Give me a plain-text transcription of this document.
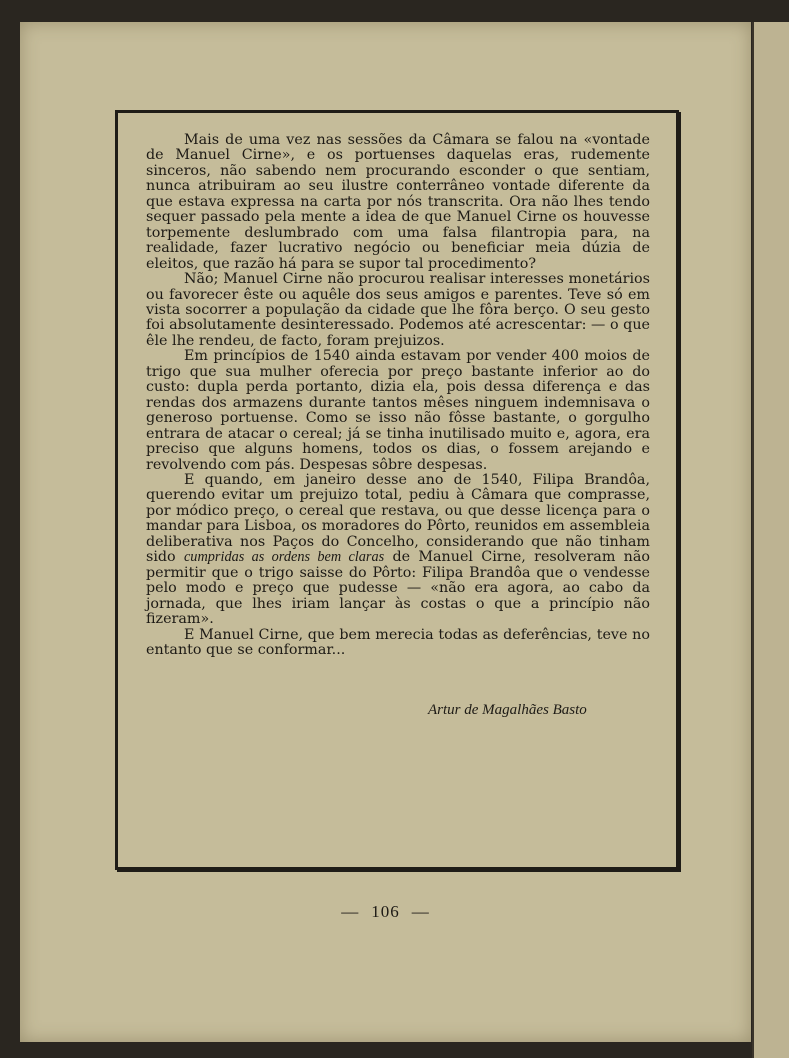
Mais de uma vez nas sessões da Câmara se falou na «vontade de Manuel Cirne», e os portuenses daquelas eras, rudemente sinceros, não sabendo nem procurando esconder o que sentiam, nunca atribuiram ao seu ilustre conterrâneo vontade diferente da que estava expressa na carta por nós transcrita. Ora não lhes tendo sequer passado pela mente a idea de que Manuel Cirne os houvesse torpemente deslumbrado com uma falsa filantropia para, na realidade, fazer lucrativo negócio ou beneficiar meia dúzia de eleitos, que razão há para se supor tal procedimento?

Não; Manuel Cirne não procurou realisar interesses monetários ou favorecer êste ou aquêle dos seus amigos e parentes. Teve só em vista socorrer a população da cidade que lhe fôra berço. O seu gesto foi absolutamente desinteressado. Podemos até acrescentar: — o que êle lhe rendeu, de facto, foram prejuizos.

Em princípios de 1540 ainda estavam por vender 400 moios de trigo que sua mulher oferecia por preço bastante inferior ao do custo: dupla perda portanto, dizia ela, pois dessa diferença e das rendas dos armazens durante tantos mêses ninguem indemnisava o generoso portuense. Como se isso não fôsse bastante, o gorgulho entrara de atacar o cereal; já se tinha inutilisado muito e, agora, era preciso que alguns homens, todos os dias, o fossem arejando e revolvendo com pás. Despesas sôbre despesas.

E quando, em janeiro desse ano de 1540, Filipa Brandôa, querendo evitar um prejuizo total, pediu à Câmara que comprasse, por módico preço, o cereal que restava, ou que desse licença para o mandar para Lisboa, os moradores do Pôrto, reunidos em assembleia deliberativa nos Paços do Concelho, considerando que não tinham sido cumpridas as ordens bem claras de Manuel Cirne, resolveram não permitir que o trigo saisse do Pôrto: Filipa Brandôa que o vendesse pelo modo e preço que pudesse — «não era agora, ao cabo da jornada, que lhes iriam lançar às costas o que a princípio não fizeram».

E Manuel Cirne, que bem merecia todas as deferências, teve no entanto que se conformar...

Artur de Magalhães Basto
— 106 —
